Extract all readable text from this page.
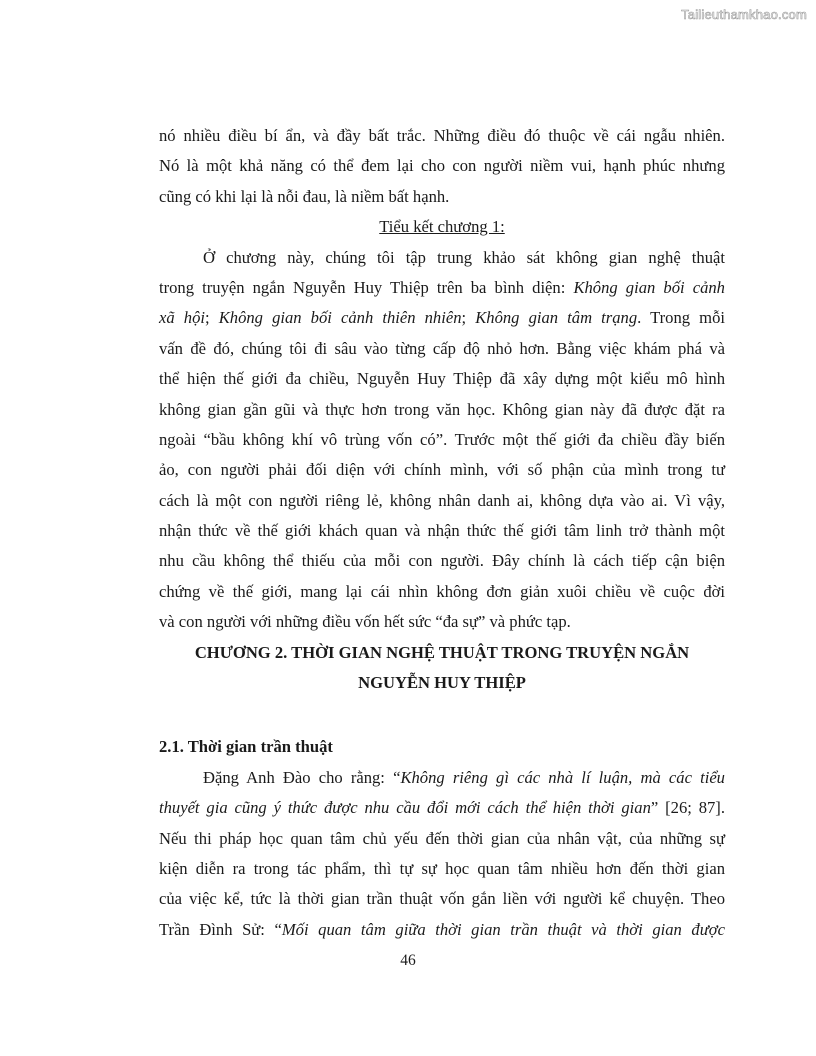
Tailieuthamkhao.com
nó nhiều điều bí ẩn, và đầy bất trắc. Những điều đó thuộc về cái ngẫu nhiên.
Nó là một khả năng có thể đem lại cho con người niềm vui, hạnh phúc nhưng
cũng có khi lại là nỗi đau, là niềm bất hạnh.
Tiểu kết chương 1:
Ở chương này, chúng tôi tập trung khảo sát không gian nghệ thuật
trong truyện ngắn Nguyễn Huy Thiệp trên ba bình diện: Không gian bối cảnh
xã hội; Không gian bối cảnh thiên nhiên; Không gian tâm trạng. Trong mỗi
vấn đề đó, chúng tôi đi sâu vào từng cấp độ nhỏ hơn. Bằng việc khám phá và
thể hiện thế giới đa chiều, Nguyễn Huy Thiệp đã xây dựng một kiểu mô hình
không gian gần gũi và thực hơn trong văn học. Không gian này đã được đặt ra
ngoài “bầu không khí vô trùng vốn có”. Trước một thế giới đa chiều đầy biến
ảo, con người phải đối diện với chính mình, với số phận của mình trong tư
cách là một con người riêng lẻ, không nhân danh ai, không dựa vào ai. Vì vậy,
nhận thức về thế giới khách quan và nhận thức thế giới tâm linh trở thành một
nhu cầu không thể thiếu của mỗi con người. Đây chính là cách tiếp cận biện
chứng về thế giới, mang lại cái nhìn không đơn giản xuôi chiều về cuộc đời
và con người với những điều vốn hết sức “đa sự” và phức tạp.
CHƯƠNG 2. THỜI GIAN NGHỆ THUẬT TRONG TRUYỆN NGẮN
NGUYỄN HUY THIỆP
2.1. Thời gian trần thuật
Đặng Anh Đào cho rằng: “Không riêng gì các nhà lí luận, mà các tiểu
thuyết gia cũng ý thức được nhu cầu đổi mới cách thể hiện thời gian” [26; 87].
Nếu thi pháp học quan tâm chủ yếu đến thời gian của nhân vật, của những sự
kiện diễn ra trong tác phẩm, thì tự sự học quan tâm nhiều hơn đến thời gian
của việc kể, tức là thời gian trần thuật vốn gắn liền với người kể chuyện. Theo
Trần Đình Sử: “Mối quan tâm giữa thời gian trần thuật và thời gian được
46
